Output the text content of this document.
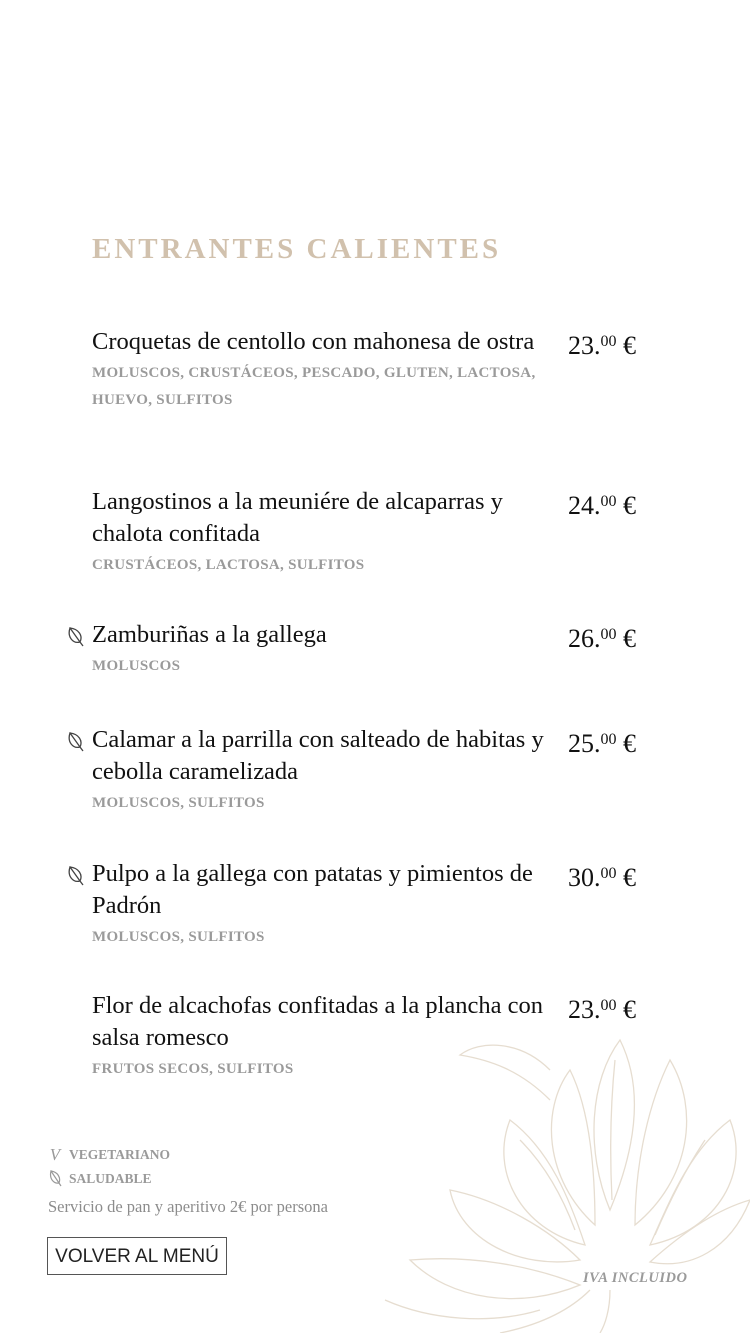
ENTRANTES CALIENTES
Croquetas de centollo con mahonesa de ostra
MOLUSCOS, CRUSTÁCEOS, PESCADO, GLUTEN, LACTOSA, HUEVO, SULFITOS
23.00 €
Langostinos a la meuniére de alcaparras y chalota confitada
CRUSTÁCEOS, LACTOSA, SULFITOS
24.00 €
Zamburiñas a la gallega
MOLUSCOS
26.00 €
Calamar a la parrilla con salteado de habitas y cebolla caramelizada
MOLUSCOS, SULFITOS
25.00 €
Pulpo a la gallega con patatas y pimientos de Padrón
MOLUSCOS, SULFITOS
30.00 €
Flor de alcachofas confitadas a la plancha con salsa romesco
FRUTOS SECOS, SULFITOS
23.00 €
V VEGETARIANO
SALUDABLE
Servicio de pan y aperitivo 2€ por persona
VOLVER AL MENÚ
IVA INCLUIDO
